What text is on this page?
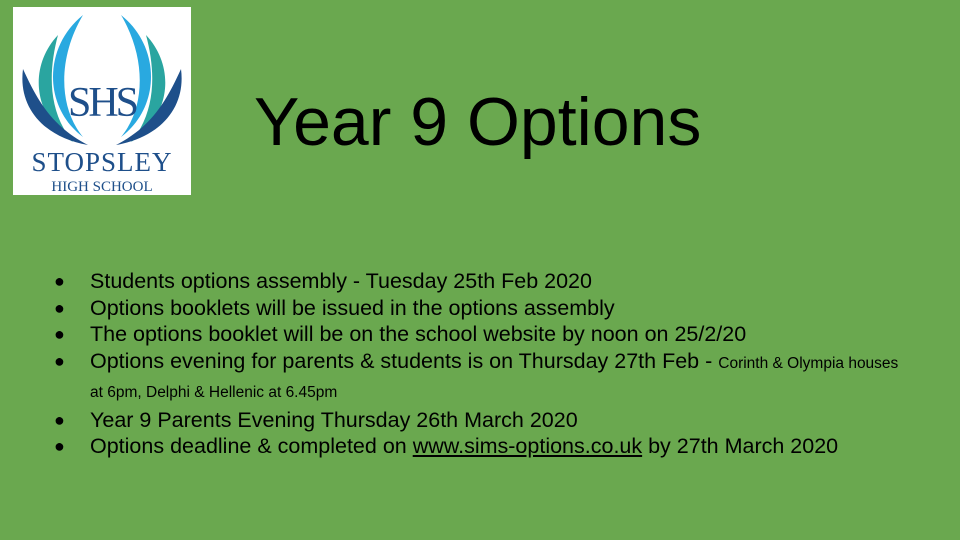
SHS
STOPSLEY
HIGH SCHOOL
Year 9 Options
● Students options assembly - Tuesday 25th Feb 2020
● Options booklets will be issued in the options assembly
● The options booklet will be on the school website by noon on 25/2/20
● Options evening for parents & students is on Thursday 27th Feb - Corinth & Olympia houses at 6pm, Delphi & Hellenic at 6.45pm
● Year 9 Parents Evening Thursday 26th March 2020
● Options deadline & completed on www.sims-options.co.uk by 27th March 2020
